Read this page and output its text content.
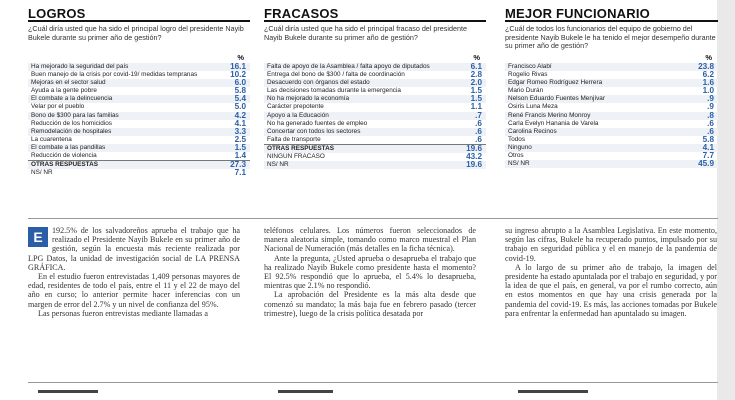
LOGROS
¿Cuál diría usted que ha sido el principal logro del presidente Nayib Bukele durante su primer año de gestión?
%
Ha mejorado la seguridad del país	16.1
Buen manejo de la crisis por covid-19/ medidas tempranas	10.2
Mejoras en el sector salud	6.0
Ayuda a la gente pobre	5.8
El combate a la delincuencia	5.4
Velar por el pueblo	5.0
Bono de $300 para las familias	4.2
Reducción de los homicidios	4.1
Remodelación de hospitales	3.3
La cuarentena	2.5
El combate a las pandillas	1.5
Reducción de violencia	1.4
OTRAS RESPUESTAS	27.3
NS/ NR	7.1
FRACASOS
¿Cuál diría usted que ha sido el principal fracaso del presidente Nayib Bukele durante su primer año de gestión?
%
Falta de apoyo de la Asamblea / falta apoyo de diputados	6.1
Entrega del bono de $300 / falta de coordinación	2.8
Desacuerdo con órganos del estado	2.0
Las decisiones tomadas durante la emergencia	1.5
No ha mejorado la economía	1.5
Carácter prepotente	1.1
Apoyo a la Educación	.7
No ha generado fuentes de empleo	.6
Concertar con todos los sectores	.6
Falta de transporte	.6
OTRAS RESPUESTAS	19.6
NINGÚN FRACASO	43.2
NS/ NR	19.6
MEJOR FUNCIONARIO
¿Cuál de todos los funcionarios del equipo de gobierno del presidente Nayib Bukele le ha tenido el mejor desempeño durante su primer año de gestión?
%
Francisco Alabí	23.8
Rogelio Rivas	6.2
Edgar Romeo Rodríguez Herrera	1.6
Mario Durán	1.0
Nelson Eduardo Fuentes Menjívar	.9
Osiris Luna Meza	.9
René Francis Merino Monroy	.8
Carla Evelyn Hanania de Varela	.6
Carolina Recinos	.6
Todos	5.8
Ninguno	4.1
Otros	7.7
NS/ NR	45.9

E	192.5% de los salvadoreños aprueba el trabajo que ha realizado el Presidente Nayib Bukele en su primer año de gestión, según la encuesta más reciente realizada por LPG Datos, la unidad de investigación social de LA PRENSA GRÁFICA.

En el estudio fueron entrevistadas 1,409 personas mayores de edad, residentes de todo el país, entre el 11 y el 22 de mayo del año en curso; lo anterior permite hacer inferencias con un margen de error del 2.7% y un nivel de confianza del 95%.

Las personas fueron entrevistas mediante llamadas a

teléfonos celulares. Los números fueron seleccionados de manera aleatoria simple, tomando como marco muestral el Plan Nacional de Numeración (más detalles en la ficha técnica).

Ante la pregunta, ¿Usted aprueba o desaprueba el trabajo que ha realizado Nayib Bukele como presidente hasta el momento? El 92.5% respondió que lo aprueba, el 5.4% lo desaprueba, mientras que 2.1% no respondió.

La aprobación del Presidente es la más alta desde que comenzó su mandato; la más baja fue en febrero pasado (tercer trimestre), luego de la crisis política desatada por

su ingreso abrupto a la Asamblea Legislativa. En este momento, según las cifras, Bukele ha recuperado puntos, impulsado por su trabajo en seguridad pública y el en manejo de la pandemia de covid-19.

A lo largo de su primer año de trabajo, la imagen del presidente ha estado apuntalada por el trabajo en seguridad, y por la idea de que el país, en general, va por el rumbo correcto, aún en estos momentos en que hay una crisis generada por la pandemia del covid-19. Es más, las acciones tomadas por Bukele para enfrentar la enfermedad han apuntalado su imagen.
